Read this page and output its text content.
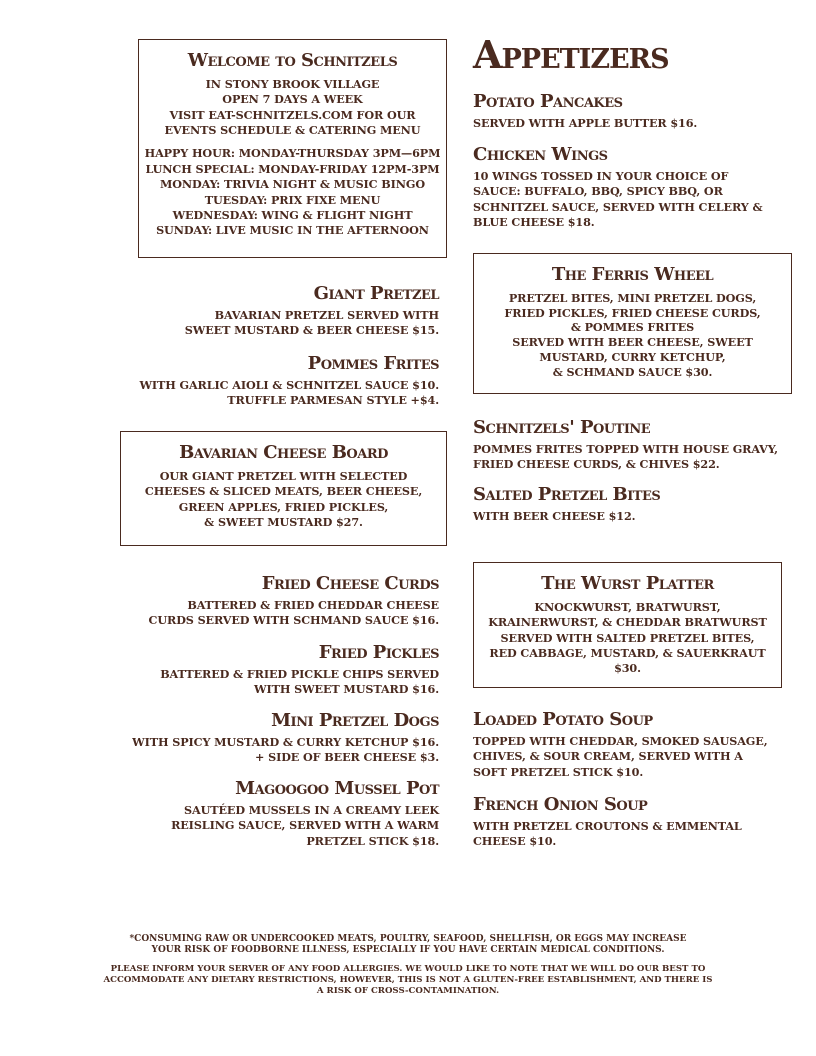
Welcome to Schnitzels
IN STONY BROOK VILLAGE
OPEN 7 DAYS A WEEK
VISIT EAT-SCHNITZELS.COM FOR OUR
EVENTS SCHEDULE & CATERING MENU
HAPPY HOUR: MONDAY-THURSDAY 3PM—6PM
LUNCH SPECIAL: MONDAY-FRIDAY 12PM-3PM
MONDAY: TRIVIA NIGHT & MUSIC BINGO
TUESDAY: PRIX FIXE MENU
WEDNESDAY: WING & FLIGHT NIGHT
SUNDAY: LIVE MUSIC IN THE AFTERNOON
Appetizers
Giant Pretzel
BAVARIAN PRETZEL SERVED WITH
SWEET MUSTARD & BEER CHEESE $15.
Pommes Frites
WITH GARLIC AIOLI & SCHNITZEL SAUCE $10.
TRUFFLE PARMESAN STYLE +$4.
Bavarian Cheese Board
OUR GIANT PRETZEL WITH SELECTED
CHEESES & SLICED MEATS, BEER CHEESE,
GREEN APPLES, FRIED PICKLES,
& SWEET MUSTARD $27.
Fried Cheese Curds
BATTERED & FRIED CHEDDAR CHEESE
CURDS SERVED WITH SCHMAND SAUCE $16.
Fried Pickles
BATTERED & FRIED PICKLE CHIPS SERVED
WITH SWEET MUSTARD $16.
Mini Pretzel Dogs
WITH SPICY MUSTARD & CURRY KETCHUP $16.
+ SIDE OF BEER CHEESE $3.
Magoogoo Mussel Pot
SAUTÉED MUSSELS IN A CREAMY LEEK
REISLING SAUCE, SERVED WITH A WARM
PRETZEL STICK $18.
Potato Pancakes
SERVED WITH APPLE BUTTER $16.
Chicken Wings
10 WINGS TOSSED IN YOUR CHOICE OF
SAUCE: BUFFALO, BBQ, SPICY BBQ, OR
SCHNITZEL SAUCE, SERVED WITH CELERY &
BLUE CHEESE $18.
The Ferris Wheel
PRETZEL BITES, MINI PRETZEL DOGS,
FRIED PICKLES, FRIED CHEESE CURDS,
& POMMES FRITES
SERVED WITH BEER CHEESE, SWEET
MUSTARD, CURRY KETCHUP,
& SCHMAND SAUCE $30.
Schnitzels' Poutine
POMMES FRITES TOPPED WITH HOUSE GRAVY,
FRIED CHEESE CURDS, & CHIVES $22.
Salted Pretzel Bites
WITH BEER CHEESE $12.
The Wurst Platter
KNOCKWURST, BRATWURST,
KRAINERWURST, & CHEDDAR BRATWURST
SERVED WITH SALTED PRETZEL BITES,
RED CABBAGE, MUSTARD, & SAUERKRAUT
$30.
Loaded Potato Soup
TOPPED WITH CHEDDAR, SMOKED SAUSAGE,
CHIVES, & SOUR CREAM, SERVED WITH A
SOFT PRETZEL STICK $10.
French Onion Soup
WITH PRETZEL CROUTONS & EMMENTAL
CHEESE $10.
*CONSUMING RAW OR UNDERCOOKED MEATS, POULTRY, SEAFOOD, SHELLFISH, OR EGGS MAY INCREASE
YOUR RISK OF FOODBORNE ILLNESS, ESPECIALLY IF YOU HAVE CERTAIN MEDICAL CONDITIONS.
PLEASE INFORM YOUR SERVER OF ANY FOOD ALLERGIES. WE WOULD LIKE TO NOTE THAT WE WILL DO OUR BEST TO
ACCOMMODATE ANY DIETARY RESTRICTIONS, HOWEVER, THIS IS NOT A GLUTEN-FREE ESTABLISHMENT, AND THERE IS
A RISK OF CROSS-CONTAMINATION.
